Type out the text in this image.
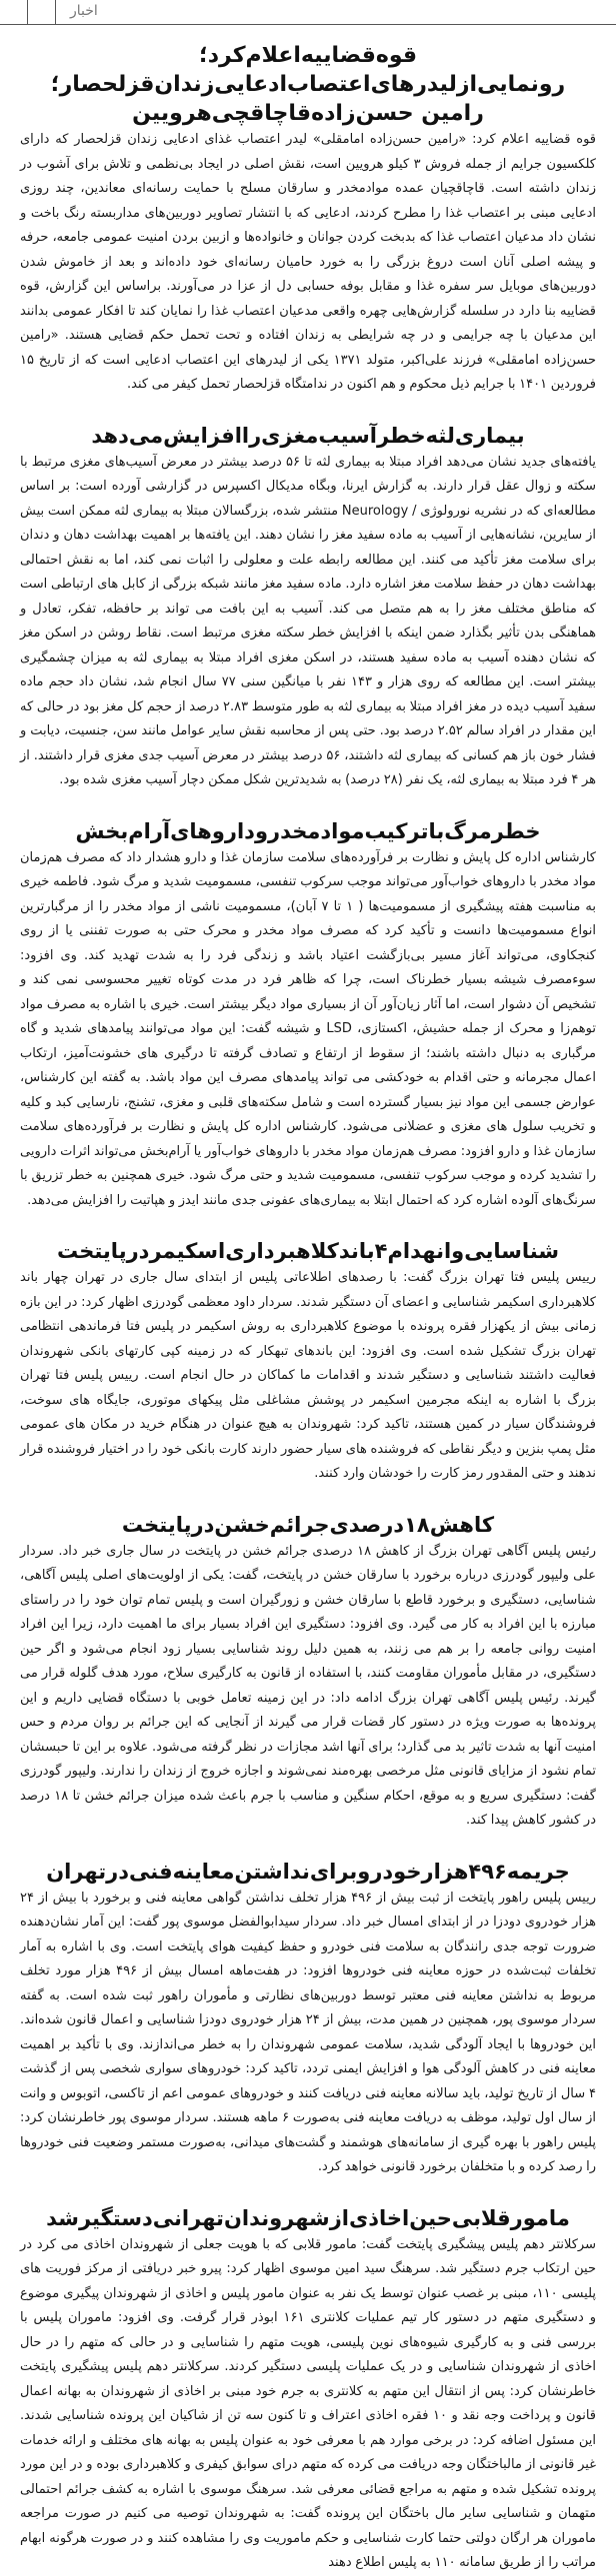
اخبار
قوه‌قضاییه‌اعلام‌کرد؛رونمایی‌ازلیدرهای‌اعتصاب‌ادعایی‌زندان‌قزلحصار؛رامین حسن‌زاده‌قاچاقچی‌هرویین

قوه قضاییه اعلام کرد: «رامین حسن‌زاده امامقلی» لیدر اعتصاب غذای ادعایی زندان قزلحصار که دارای کلکسیون جرایم از جمله فروش ۳ کیلو هرویین است، نقش اصلی در ایجاد بی‌نظمی و تلاش برای آشوب در زندان داشته است. قاچاقچیان عمده موادمخدر و سارقان مسلح با حمایت رسانه‌ای معاندین، چند روزی ادعایی مبنی بر اعتصاب غذا را مطرح کردند، ادعایی که با انتشار تصاویر دوربین‌های مداربسته رنگ باخت و نشان داد مدعیان اعتصاب غذا که بدبخت کردن جوانان و خانواده‌ها و ازبین بردن امنیت عمومی جامعه، حرفه و پیشه اصلی آنان است دروغ بزرگی را به خورد حامیان رسانه‌ای خود داده‌اند و بعد از خاموش شدن دوربین‌های موبایل سر سفره غذا و مقابل بوفه حسابی دل از عزا در می‌آورند. براساس این گزارش، قوه قضاییه بنا دارد در سلسله گزارش‌هایی چهره واقعی مدعیان اعتصاب غذا را نمایان کند تا افکار عمومی بدانند این مدعیان با چه جرایمی و در چه شرایطی به زندان افتاده و تحت تحمل حکم قضایی هستند. «رامین حسن‌زاده امامقلی» فرزند علی‌اکبر، متولد ۱۳۷۱ یکی از لیدرهای این اعتصاب ادعایی است که از تاریخ ۱۵ فروردین ۱۴۰۱ با جرایم ذیل محکوم و هم اکنون در ندامتگاه قزلحصار تحمل کیفر می کند.

بیماری‌لثه‌خطرآسیب‌مغزی‌راافزایش‌می‌دهد

یافته‌های جدید نشان می‌دهد افراد مبتلا به بیماری لثه تا ۵۶ درصد بیشتر در معرض آسیب‌های مغزی مرتبط با سکته و زوال عقل قرار دارند. به گزارش ایرنا، وبگاه مدیکال اکسپرس در گزارشی آورده است: بر اساس مطالعه‌ای که در نشریه نورولوژی / Neurology منتشر شده، بزرگسالان مبتلا به بیماری لثه ممکن است بیش از سایرین، نشانه‌هایی از آسیب به ماده سفید مغز را نشان دهند. این یافته‌ها بر اهمیت بهداشت دهان و دندان برای سلامت مغز تأکید می کنند. این مطالعه رابطه علت و معلولی را اثبات نمی کند، اما به نقش احتمالی بهداشت دهان در حفظ سلامت مغز اشاره دارد. ماده سفید مغز مانند شبکه بزرگی از کابل های ارتباطی است که مناطق مختلف مغز را به هم متصل می کند. آسیب به این بافت می تواند بر حافظه، تفکر، تعادل و هماهنگی بدن تأثیر بگذارد ضمن اینکه با افزایش خطر سکته مغزی مرتبط است. نقاط روشن در اسکن مغز که نشان دهنده آسیب به ماده سفید هستند، در اسکن مغزی افراد مبتلا به بیماری لثه به میزان چشمگیری بیشتر است. این مطالعه که روی هزار و ۱۴۳ نفر با میانگین سنی ۷۷ سال انجام شد، نشان داد حجم ماده سفید آسیب دیده در مغز افراد مبتلا به بیماری لثه به طور متوسط ۲.۸۳ درصد از حجم کل مغز بود در حالی که این مقدار در افراد سالم ۲.۵۲ درصد بود. حتی پس از محاسبه نقش سایر عوامل مانند سن، جنسیت، دیابت و فشار خون باز هم کسانی که بیماری لثه داشتند، ۵۶ درصد بیشتر در معرض آسیب جدی مغزی قرار داشتند. از هر ۴ فرد مبتلا به بیماری لثه، یک نفر (۲۸ درصد) به شدیدترین شکل ممکن دچار آسیب مغزی شده بود.

خطرمرگ‌باترکیب‌موادمخدرو‌داروهای‌آرام‌بخش

کارشناس اداره کل پایش و نظارت بر فرآورده‌های سلامت سازمان غذا و دارو هشدار داد که مصرف هم‌زمان مواد مخدر با داروهای خواب‌آور می‌تواند موجب سرکوب تنفسی، مسمومیت شدید و مرگ شود. فاطمه خیری به مناسبت هفته پیشگیری از مسمومیت‌ها ( ۱ تا ۷ آبان)، مسمومیت ناشی از مواد مخدر را از مرگبارترین انواع مسمومیت‌ها دانست و تأکید کرد که مصرف مواد مخدر و محرک حتی به صورت تفننی یا از روی کنجکاوی، می‌تواند آغاز مسیر بی‌بازگشت اعتیاد باشد و زندگی فرد را به شدت تهدید کند. وی افزود: سوءمصرف شیشه بسیار خطرناک است، چرا که ظاهر فرد در مدت کوتاه تغییر محسوسی نمی کند و تشخیص آن دشوار است، اما آثار زیان‌آور آن از بسیاری مواد دیگر بیشتر است. خیری با اشاره به مصرف مواد توهم‌زا و محرک از جمله حشیش، اکستازی، LSD و شیشه گفت: این مواد می‌توانند پیامدهای شدید و گاه مرگباری به دنبال داشته باشند؛ از سقوط از ارتفاع و تصادف گرفته تا درگیری های خشونت‌آمیز، ارتکاب اعمال مجرمانه و حتی اقدام به خودکشی می تواند پیامدهای مصرف این مواد باشد. به گفته این کارشناس، عوارض جسمی این مواد نیز بسیار گسترده است و شامل سکته‌های قلبی و مغزی، تشنج، نارسایی کبد و کلیه و تخریب سلول های مغزی و عضلانی می‌شود. کارشناس اداره کل پایش و نظارت بر فرآورده‌های سلامت سازمان غذا و دارو افزود: مصرف هم‌زمان مواد مخدر با داروهای خواب‌آور یا آرام‌بخش می‌تواند اثرات دارویی را تشدید کرده و موجب سرکوب تنفسی، مسمومیت شدید و حتی مرگ شود. خیری همچنین به خطر تزریق با سرنگ‌های آلوده اشاره کرد که احتمال ابتلا به بیماری‌های عفونی جدی مانند ایدز و هپاتیت را افزایش می‌دهد.

شناسایی‌وانهدام۴باندکلاهبرداری‌اسکیمردرپایتخت

رییس پلیس فتا تهران بزرگ گفت: با رصدهای اطلاعاتی پلیس از ابتدای سال جاری در تهران چهار باند کلاهبرداری اسکیمر شناسایی و اعضای آن دستگیر شدند. سردار داود معظمی گودرزی اظهار کرد: در این بازه زمانی بیش از یکهزار فقره پرونده با موضوع کلاهبرداری به روش اسکیمر در پلیس فتا فرماندهی انتظامی تهران بزرگ تشکیل شده است. وی افزود: این باندهای تبهکار که در زمینه کپی کارتهای بانکی شهروندان فعالیت داشتند شناسایی و دستگیر شدند و اقدامات ما کماکان در حال انجام است. رییس پلیس فتا تهران بزرگ با اشاره به اینکه مجرمین اسکیمر در پوشش مشاغلی مثل پیکهای موتوری، جایگاه های سوخت، فروشندگان سیار در کمین هستند، تاکید کرد: شهروندان به هیچ عنوان در هنگام خرید در مکان های عمومی مثل پمپ بنزین و دیگر نقاطی که فروشنده های سیار حضور دارند کارت بانکی خود را در اختیار فروشنده قرار ندهند و حتی المقدور رمز کارت را خودشان وارد کنند.

کاهش۱۸درصدی‌جرائم‌خشن‌درپایتخت

رئیس پلیس آگاهی تهران بزرگ از کاهش ۱۸ درصدی جرائم خشن در پایتخت در سال جاری خبر داد. سردار علی ولیپور گودرزی درباره برخورد با سارقان خشن در پایتخت، گفت: یکی از اولویت‌های اصلی پلیس آگاهی، شناسایی، دستگیری و برخورد قاطع با سارقان خشن و زورگیران است و پلیس تمام توان خود را در راستای مبارزه با این افراد به کار می گیرد. وی افزود: دستگیری این افراد بسیار برای ما اهمیت دارد، زیرا این افراد امنیت روانی جامعه را بر هم می زنند، به همین دلیل روند شناسایی بسیار زود انجام می‌شود و اگر حین دستگیری، در مقابل مأموران مقاومت کنند، با استفاده از قانون به کارگیری سلاح، مورد هدف گلوله قرار می گیرند. رئیس پلیس آگاهی تهران بزرگ ادامه داد: در این زمینه تعامل خوبی با دستگاه قضایی داریم و این پرونده‌ها به صورت ویژه در دستور کار قضات قرار می گیرند از آنجایی که این جرائم بر روان مردم و حس امنیت آنها به شدت تاثیر بد می گذارد؛ برای آنها اشد مجازات در نظر گرفته می‌شود. علاوه بر این تا حبسشان تمام نشود از مزایای قانونی مثل مرخصی بهره‌مند نمی‌شوند و اجازه خروج از زندان را ندارند. ولیپور گودرزی گفت: دستگیری سریع و به موقع، احکام سنگین و مناسب با جرم باعث شده میزان جرائم خشن تا ۱۸ درصد در کشور کاهش پیدا کند.

جریمه۴۹۶هزارخودروبرای‌نداشتن‌معاینه‌فنی‌درتهران

رییس پلیس راهور پایتخت از ثبت بیش از ۴۹۶ هزار تخلف نداشتن گواهی معاینه فنی و برخورد با بیش از ۲۴ هزار خودروی دودزا در از ابتدای امسال خبر داد. سردار سیدابوالفضل موسوی پور گفت: این آمار نشان‌دهنده ضرورت توجه جدی رانندگان به سلامت فنی خودرو و حفظ کیفیت هوای پایتخت است. وی با اشاره به آمار تخلفات ثبت‌شده در حوزه معاینه فنی خودروها افزود: در هفت‌ماهه امسال بیش از ۴۹۶ هزار مورد تخلف مربوط به نداشتن معاینه فنی معتبر توسط دوربین‌های نظارتی و مأموران راهور ثبت شده است. به گفته سردار موسوی پور، همچنین در همین مدت، بیش از ۲۴ هزار خودروی دودزا شناسایی و اعمال قانون شده‌اند. این خودروها با ایجاد آلودگی شدید، سلامت عمومی شهروندان را به خطر می‌اندازند. وی با تأکید بر اهمیت معاینه فنی در کاهش آلودگی هوا و افزایش ایمنی تردد، تاکید کرد: خودروهای سواری شخصی پس از گذشت ۴ سال از تاریخ تولید، باید سالانه معاینه فنی دریافت کنند و خودروهای عمومی اعم از تاکسی، اتوبوس و وانت از سال اول تولید، موظف به دریافت معاینه فنی به‌صورت ۶ ماهه هستند. سردار موسوی پور خاطرنشان کرد: پلیس راهور با بهره گیری از سامانه‌های هوشمند و گشت‌های میدانی، به‌صورت مستمر وضعیت فنی خودروها را رصد کرده و با متخلفان برخورد قانونی خواهد کرد.

مامورقلابی‌حین‌اخاذی‌ازشهروندان‌تهرانی‌دستگیرشد

سرکلانتر دهم پلیس پیشگیری پایتخت گفت: مامور قلابی که با هویت جعلی از شهروندان اخاذی می کرد در حین ارتکاب جرم دستگیر شد. سرهنگ سید امین موسوی اظهار کرد: پیرو خبر دریافتی از مرکز فوریت های پلیسی ۱۱۰، مبنی بر غصب عنوان توسط یک نفر به عنوان مامور پلیس و اخاذی از شهروندان پیگیری موضوع و دستگیری متهم در دستور کار تیم عملیات کلانتری ۱۶۱ ابوذر قرار گرفت. وی افزود: ماموران پلیس با بررسی فنی و به کارگیری شیوه‌های نوین پلیسی، هویت متهم را شناسایی و در حالی که متهم را در حال اخاذی از شهروندان شناسایی و در یک عملیات پلیسی دستگیر کردند. سرکلانتر دهم پلیس پیشگیری پایتخت خاطرنشان کرد: پس از انتقال این متهم به کلانتری به جرم خود مبنی بر اخاذی از شهروندان به بهانه اعمال قانون و پرداخت وجه نقد و ۱۰ فقره اخاذی اعتراف و تا کنون سه تن از شاکیان این پرونده شناسایی شدند. این مسئول اضافه کرد: در برخی موارد هم با معرفی خود به عنوان پلیس به بهانه های مختلف و ارائه خدمات غیر قانونی از مالباختگان وجه دریافت می کرده که متهم درای سوابق کیفری و کلاهبرداری بوده و در این مورد پرونده تشکیل شده و متهم به مراجع قضائی معرفی شد. سرهنگ موسوی با اشاره به کشف جرائم احتمالی متهمان و شناسایی سایر مال باختگان این پرونده گفت: به شهروندان توصیه می کنیم در صورت مراجعه ماموران هر ارگان دولتی حتما کارت شناسایی و حکم ماموریت وی را مشاهده کنند و در صورت هرگونه ابهام مراتب را از طریق سامانه ۱۱۰ به پلیس اطلاع دهند
